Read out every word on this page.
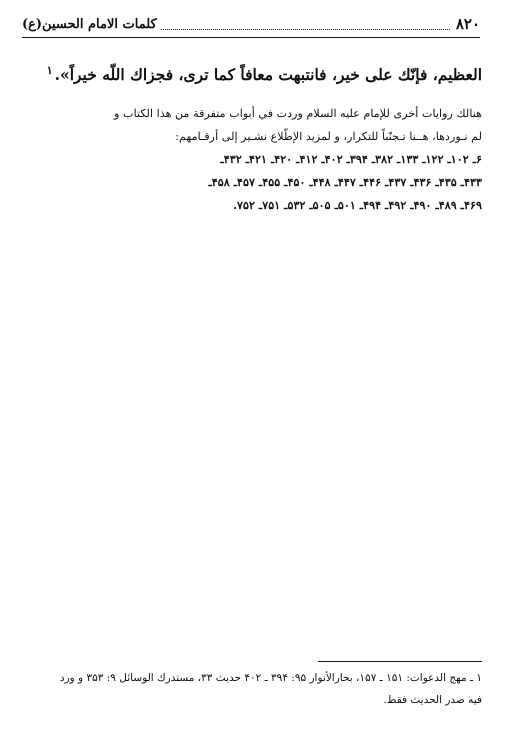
۸۲۰
كلمات الامام الحسين(ع)
العظيم، فإنّك على خير، فانتبهت معافاً كما ترى، فجزاك اللّه خيراً».$^۱$
هنالك روايات أخرى للإمام عليه السلام وردت في أبواب متفرقة من هذا الكتاب و
لم نـوردها، هــنا تـجنّباً للتكرار، و لمزيد الإطّلاع نشـير إلى أرقـامهم:
۶ـ ۱۰۲ـ ۱۲۲ـ ۱۳۳ـ ۳۸۲ـ ۳۹۴ـ ۴۰۲ـ ۴۱۲ـ ۴۲۰ـ ۴۲۱ـ ۴۳۲ـ
۴۳۳ـ ۴۳۵ـ ۴۳۶ـ ۴۳۷ـ ۴۴۶ـ ۴۴۷ـ ۴۴۸ـ ۴۵۰ـ ۴۵۵ـ ۴۵۷ـ ۴۵۸ـ
۴۶۹ـ ۴۸۹ـ ۴۹۰ـ ۴۹۲ـ ۴۹۴ـ ۵۰۱ـ ۵۰۵ـ ۵۳۲ـ ۷۵۱ـ ۷۵۲.
۱ ـ مهج الدعوات: ۱۵۱ ـ ۱۵۷، بحارالأنوار ۹۵: ۳۹۴ ـ ۴۰۲ حديث ۳۳، مستدرك الوسائل ۹: ۳۵۳ و ورد
فيه صدر الحديث فقط.
